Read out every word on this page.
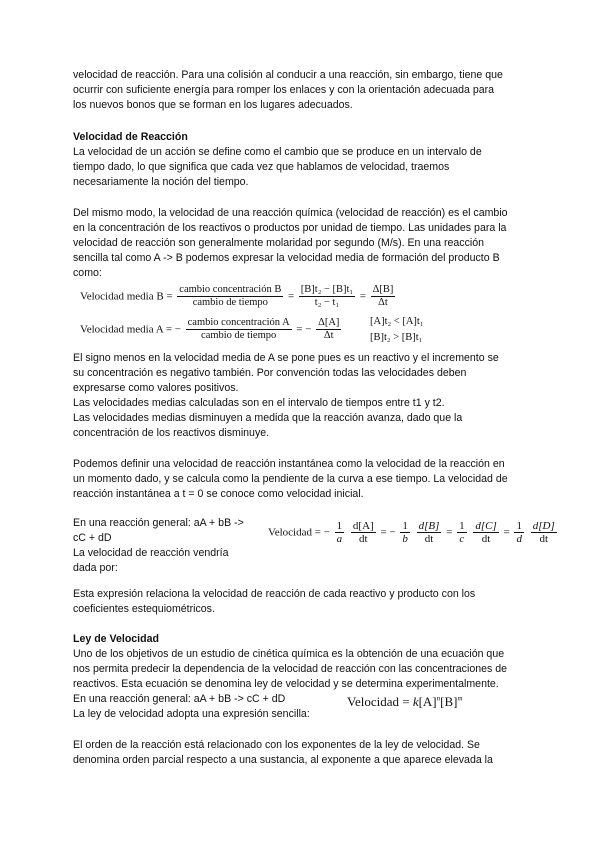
velocidad de reacción. Para una colisión al conducir a una reacción, sin embargo, tiene que
ocurrir con suficiente energía para romper los enlaces y con la orientación adecuada para
los nuevos bonos que se forman en los lugares adecuados.
Velocidad de Reacción
La velocidad de un acción se define como el cambio que se produce en un intervalo de
tiempo dado, lo que significa que cada vez que hablamos de velocidad, traemos
necesariamente la noción del tiempo.
Del mismo modo, la velocidad de una reacción química (velocidad de reacción) es el cambio
en la concentración de los reactivos o productos por unidad de tiempo. Las unidades para la
velocidad de reacción son generalmente molaridad por segundo (M/s). En una reacción
sencilla tal como A -> B podemos expresar la velocidad media de formación del producto B
como:
Velocidad media $B = \frac{\text{cambio concentración B}}{\text{cambio de tiempo}} = \frac{\text{[B]t₂ − [B]t₁}}{\text{t₂ − t₁}} = \frac{\Delta[B]}{\Delta t}$
Velocidad media A = − $\frac{\text{cambio concentración A}}{\text{cambio de tiempo}}$ = − $\frac{\Delta[A]}{\Delta t}$	[A]t₂ < [A]t₁
[B]t₂ > [B]t₁
El signo menos en la velocidad media de A se pone pues es un reactivo y el incremento se
su concentración es negativo también. Por convención todas las velocidades deben
expresarse como valores positivos.
Las velocidades medias calculadas son en el intervalo de tiempos entre t1 y t2.
Las velocidades medias disminuyen a medida que la reacción avanza, dado que la
concentración de los reactivos disminuye.
Podemos definir una velocidad de reacción instantánea como la velocidad de la reacción en
un momento dado, y se calcula como la pendiente de la curva a ese tiempo. La velocidad de
reacción instantánea a t = 0 se conoce como velocidad inicial.
En una reacción general: aA + bB ->
cC + dD
La velocidad de reacción vendría
dada por:
Velocidad = − $\frac{1}{a}$
$\frac{d[A]}{dt}$ = − $\frac{1}{b}$
$\frac{d[B]}{dt} = \frac{1}{c}$
$\frac{d[C]}{dt} = \frac{1}{d}$
$\frac{d[D]}{dt}$
Esta expresión relaciona la velocidad de reacción de cada reactivo y producto con los
coeficientes estequiométricos.
Ley de Velocidad
Uno de los objetivos de un estudio de cinética química es la obtención de una ecuación que
nos permita predecir la dependencia de la velocidad de reacción con las concentraciones de
reactivos. Esta ecuación se denomina ley de velocidad y se determina experimentalmente.
En una reacción general: aA + bB -> cC + dD
La ley de velocidad adopta una expresión sencilla:
Velocidad = $k[A]^n[B]^m$
El orden de la reacción está relacionado con los exponentes de la ley de velocidad. Se
denomina orden parcial respecto a una sustancia, al exponente a que aparece elevada la
